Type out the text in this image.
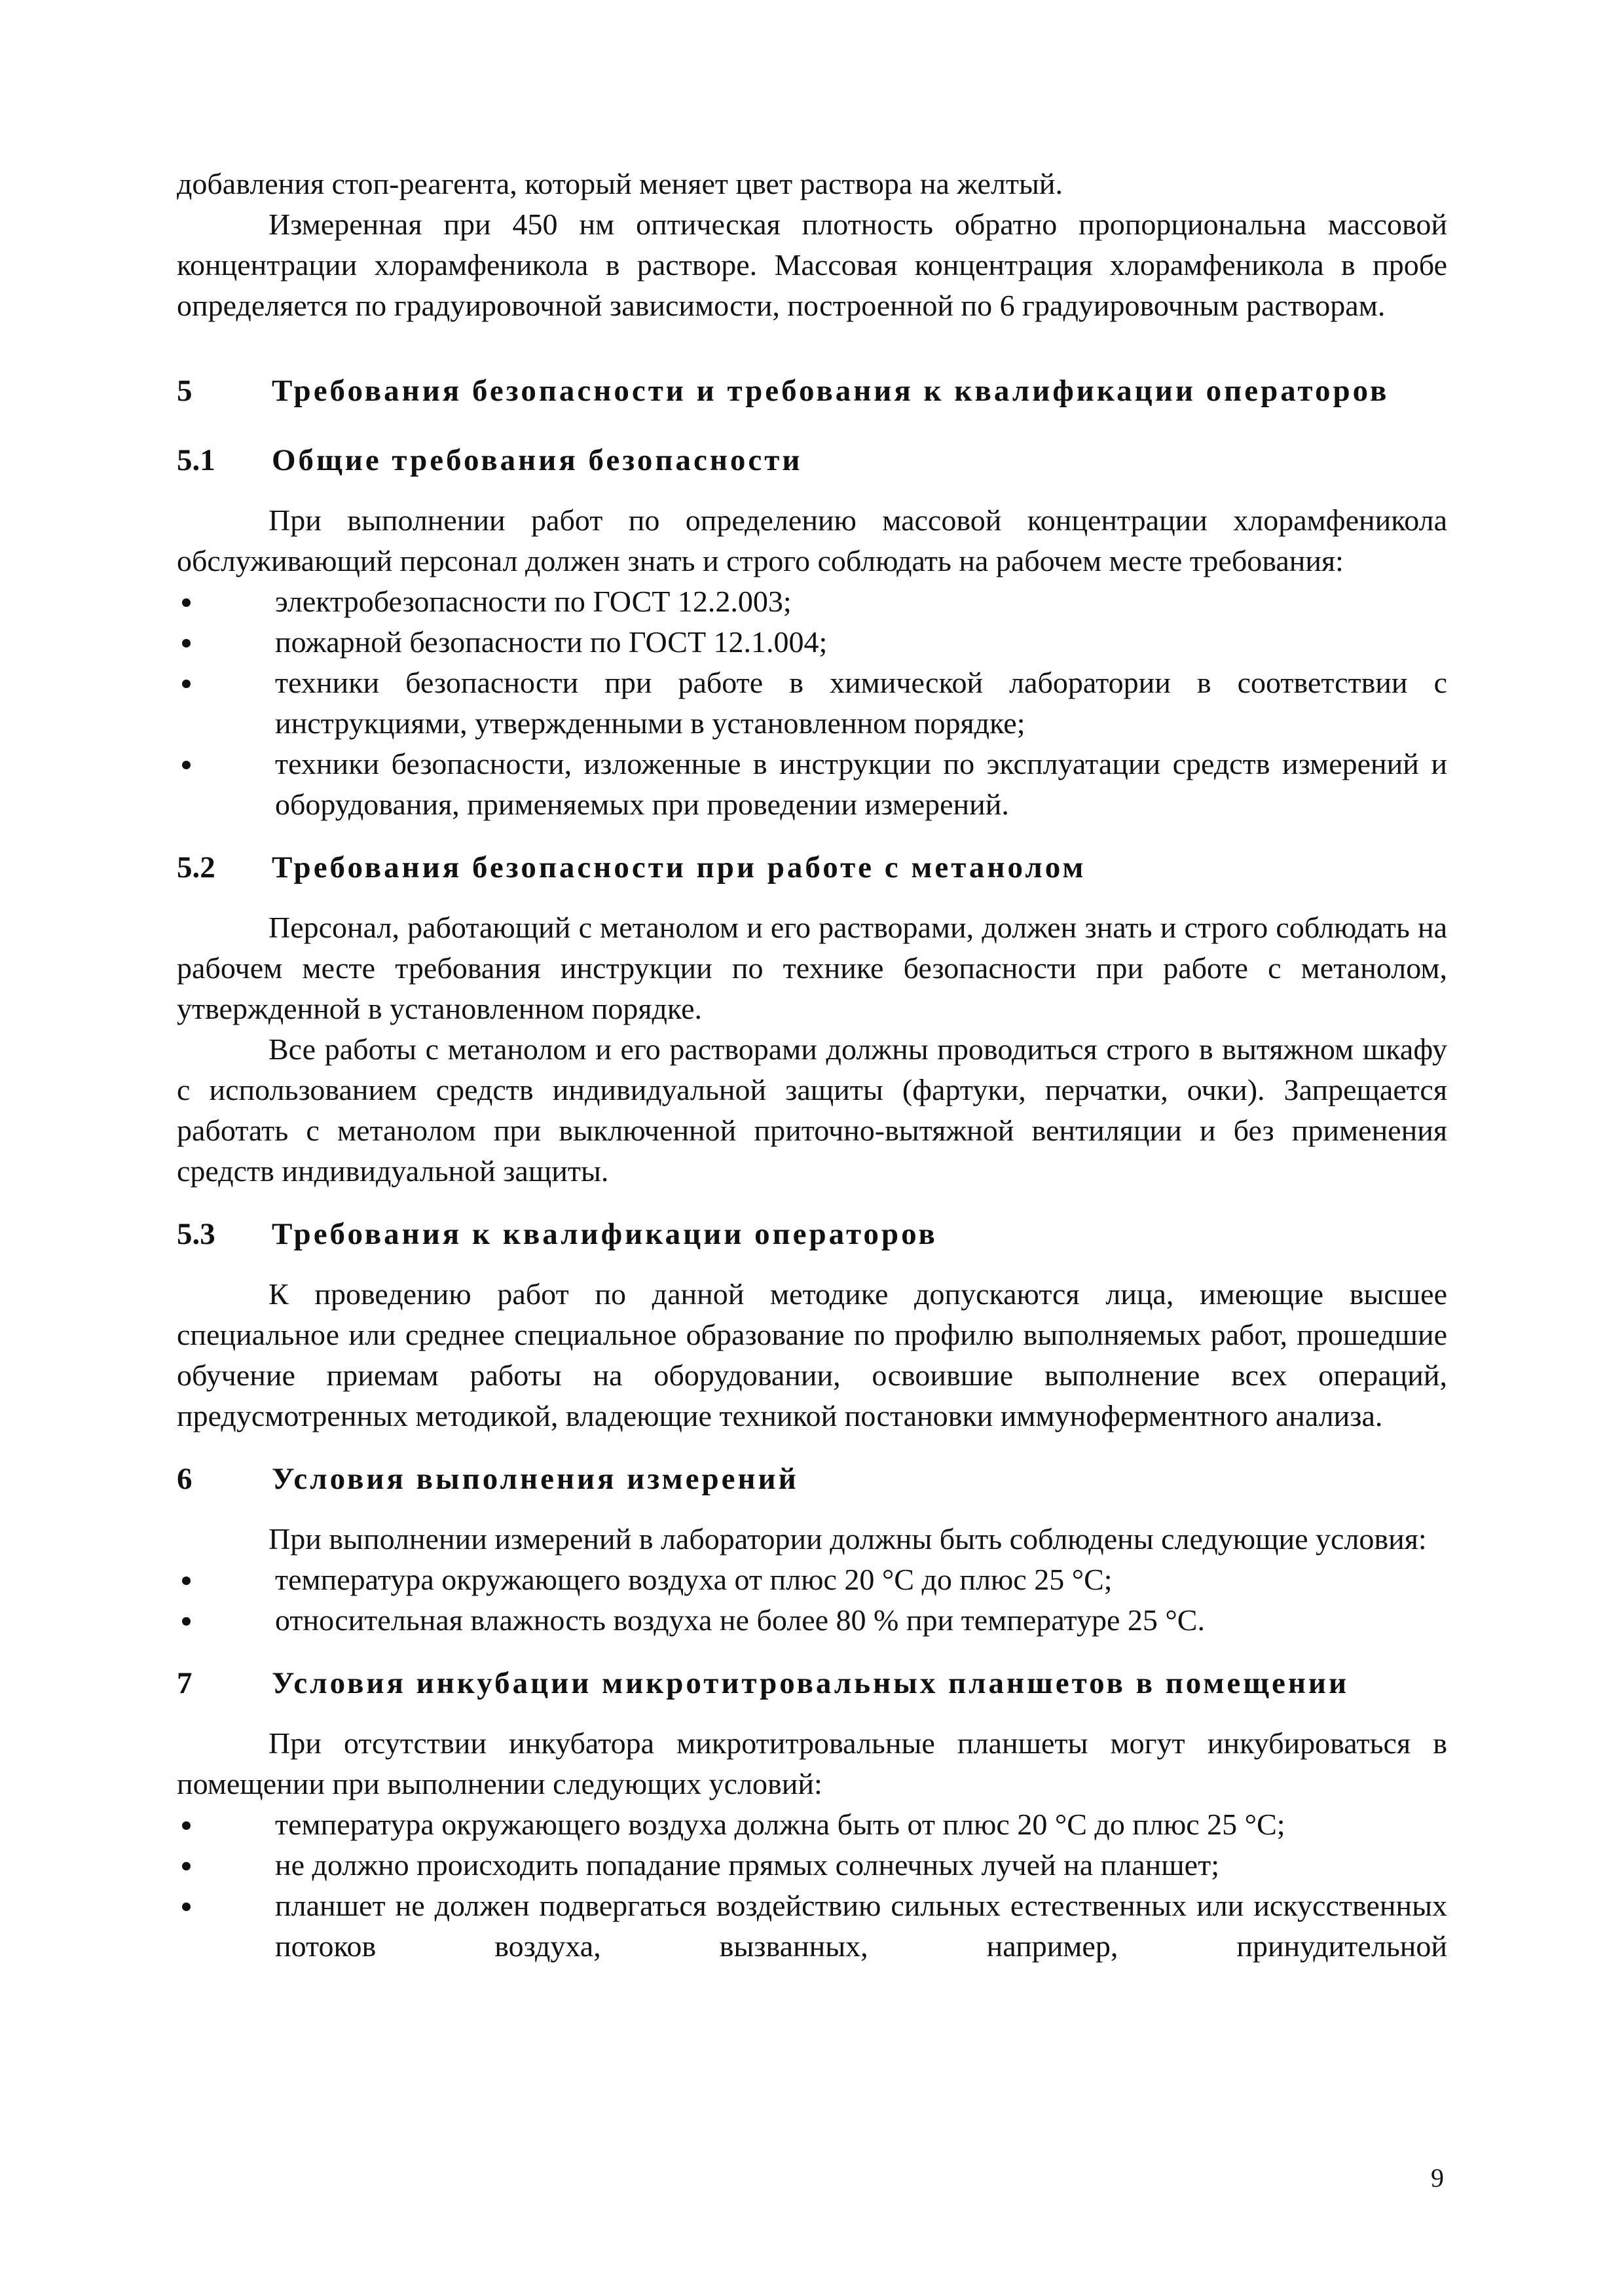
добавления стоп-реагента, который меняет цвет раствора на желтый.

Измеренная при 450 нм оптическая плотность обратно пропорциональна массовой концентрации хлорамфеникола в растворе. Массовая концентрация хлорамфеникола в пробе определяется по градуировочной зависимости, построенной по 6 градуировочным растворам.

5	Требования безопасности и требования к квалификации операторов
5.1	Общие требования безопасности

При выполнении работ по определению массовой концентрации хлорамфеникола обслуживающий персонал должен знать и строго соблюдать на рабочем месте требования:

электробезопасности по ГОСТ 12.2.003;
пожарной безопасности по ГОСТ 12.1.004;
техники безопасности при работе в химической лаборатории в соответствии с инструкциями, утвержденными в установленном порядке;
техники безопасности, изложенные в инструкции по эксплуатации средств измерений и оборудования, применяемых при проведении измерений.
5.2	Требования безопасности при работе с метанолом

Персонал, работающий с метанолом и его растворами, должен знать и строго соблюдать на рабочем месте требования инструкции по технике безопасности при работе с метанолом, утвержденной в установленном порядке.

Все работы с метанолом и его растворами должны проводиться строго в вытяжном шкафу с использованием средств индивидуальной защиты (фартуки, перчатки, очки). Запрещается работать с метанолом при выключенной приточно-вытяжной вентиляции и без применения средств индивидуальной защиты.

5.3	Требования к квалификации операторов

К проведению работ по данной методике допускаются лица, имеющие высшее специальное или среднее специальное образование по профилю выполняемых работ, прошедшие обучение приемам работы на оборудовании, освоившие выполнение всех операций, предусмотренных методикой, владеющие техникой постановки иммуноферментного анализа.

6	Условия выполнения измерений

При выполнении измерений в лаборатории должны быть соблюдены следующие условия:

температура окружающего воздуха от плюс 20 °С до плюс 25 °С;
относительная влажность воздуха не более 80 % при температуре 25 °С.
7	Условия инкубации микротитровальных планшетов в помещении

При отсутствии инкубатора микротитровальные планшеты могут инкубироваться в помещении при выполнении следующих условий:

температура окружающего воздуха должна быть от плюс 20 °С до плюс 25 °С;
не должно происходить попадание прямых солнечных лучей на планшет;
планшет не должен подвергаться воздействию сильных естественных или искусственных потоков воздуха, вызванных, например, принудительной
9
